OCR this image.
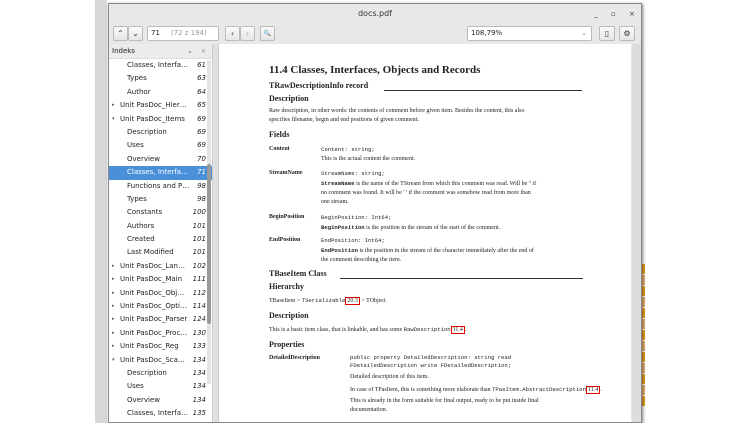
docs.pdf	_ ▫ ×
⌃	⌄	71 (72 z 194)	‹	›	🔍	108,79%	⌄	▯	⚙
Indeks	⌄ ✕
Classes, Interfa… 61
Types	63
Author	64
▸ Unit PasDoc_Hier… 65
▾ Unit PasDoc_Items 69
Description	69
Uses	69
Overview	70
Classes, Interfa… 71
Functions and P… 98
Types	98
Constants	100
Authors	101
Created	101
Last Modified	101
▸ Unit PasDoc_Lan… 102
▸ Unit PasDoc_Main 111
▸ Unit PasDoc_Obj… 112
▸ Unit PasDoc_Opti… 114
▸ Unit PasDoc_Parser 124
▸ Unit PasDoc_Proc… 130
▸ Unit PasDoc_Reg 133
▾ Unit PasDoc_Sca… 134
Description	134
Uses	134
Overview	134
Classes, Interfa… 135
11.4 Classes, Interfaces, Objects and Records
TRawDescriptionInfo record
Description
Raw description, in other words: the contents of comment before given item. Besides the content, this also
specifies filename, begin and end positions of given comment.
Fields
Content	Content: string;
This is the actual content the comment.
StreamName	StreamName: string;
StreamName is the name of the TStream from which this comment was read. Will be '' if
no comment was found. It will be ' ' if the comment was somehow read from more than
one stream.
BeginPosition	BeginPosition: Int64;
BeginPosition is the position in the stream of the start of the comment.
EndPosition	EndPosition: Int64;
EndPosition is the position in the stream of the character immediately after the end of
the comment describing the item.
TBaseItem Class
Hierarchy
TBaseItem > TSerializable 20.3 > TObject
Description
This is a basic item class, that is linkable, and has some RawDescription 11.4 .
Properties
DetailedDescription	public property DetailedDescription: string read
FDetailedDescription write FDetailedDescription;
Detailed description of this item.
In case of TPasItem, this is something more elaborate than TPasItem.AbstractDescription 11.4 .
This is already in the form suitable for final output, ready to be put inside final
documentation.
